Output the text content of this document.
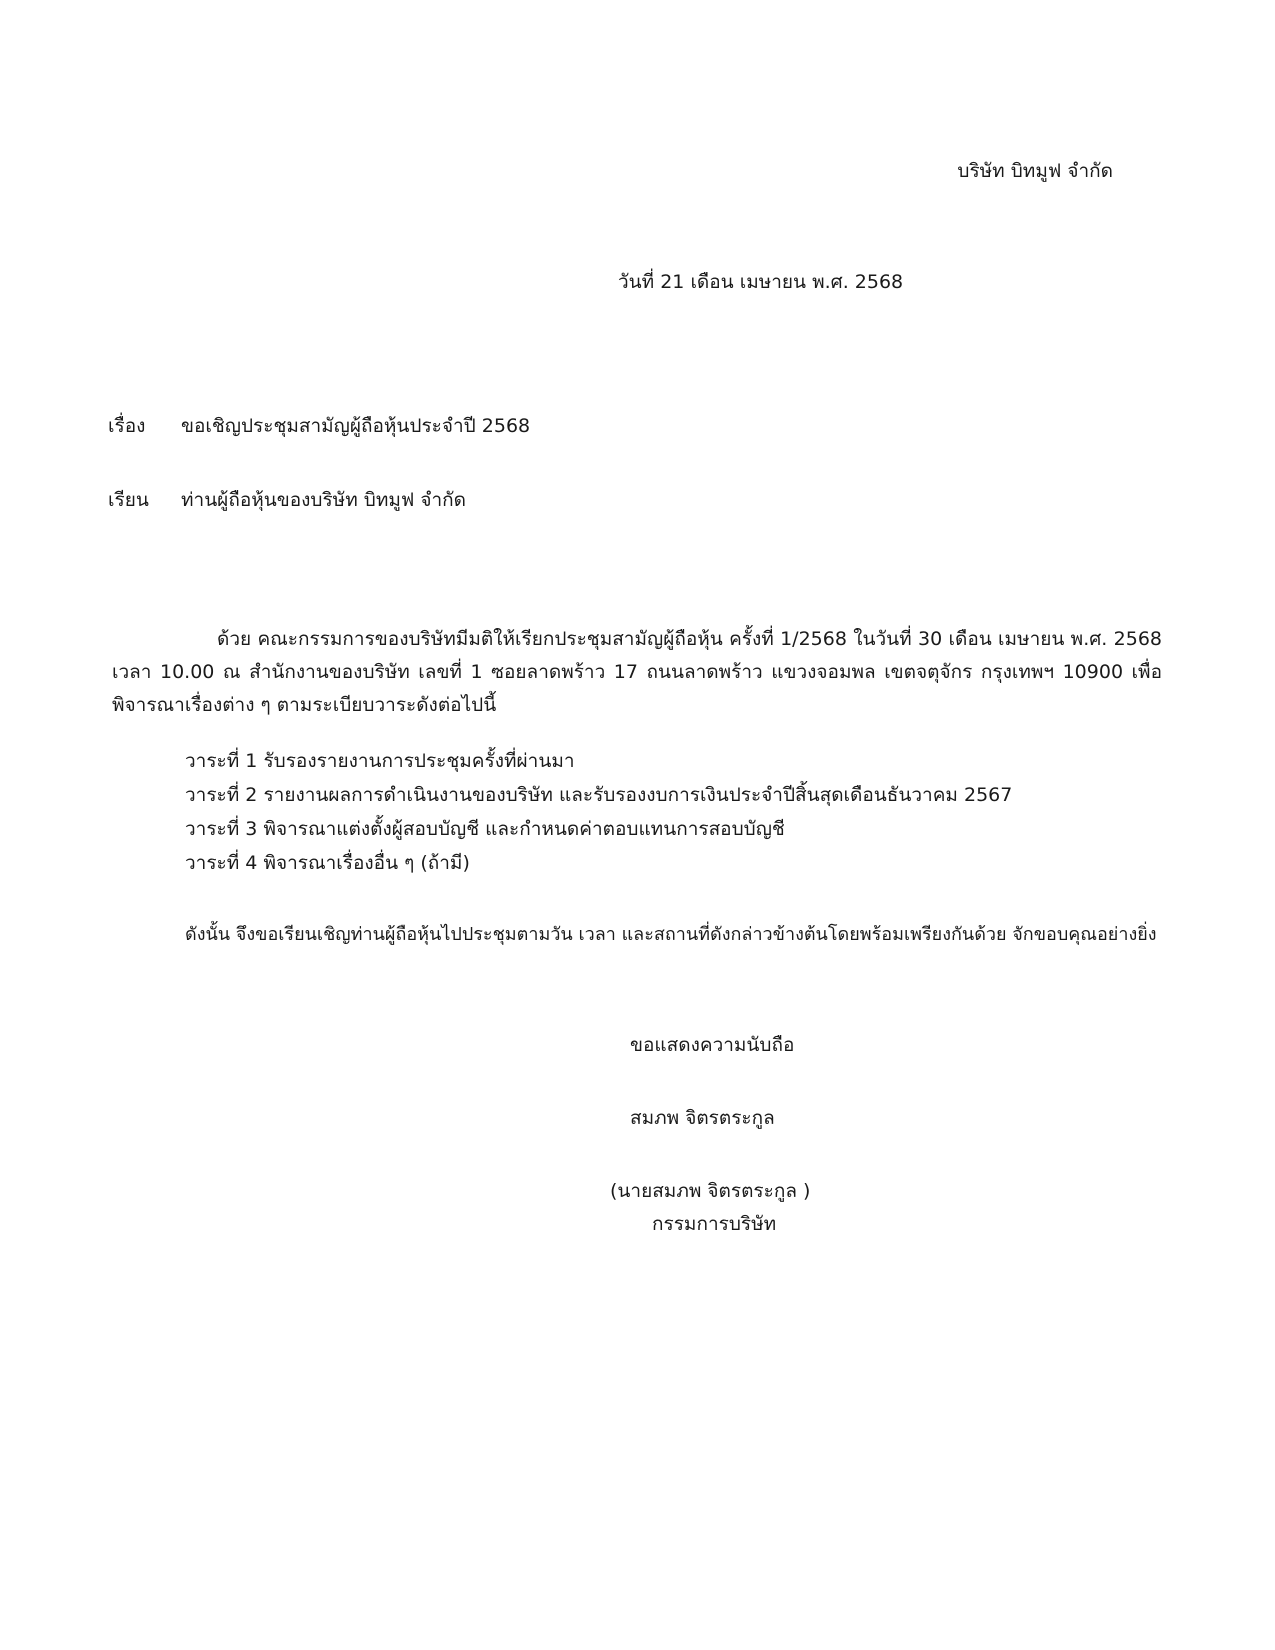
บริษัท บิทมูฟ จำกัด
วันที่ 21 เดือน เมษายน พ.ศ. 2568
เรื่อง ขอเชิญประชุมสามัญผู้ถือหุ้นประจำปี 2568
เรียน ท่านผู้ถือหุ้นของบริษัท บิทมูฟ จำกัด
ด้วย คณะกรรมการของบริษัทมีมติให้เรียกประชุมสามัญผู้ถือหุ้น ครั้งที่ 1/2568 ในวันที่ 30 เดือน เมษายน พ.ศ. 2568 เวลา 10.00 ณ สำนักงานของบริษัท เลขที่ 1 ซอยลาดพร้าว 17 ถนนลาดพร้าว แขวงจอมพล เขตจตุจักร กรุงเทพฯ 10900 เพื่อพิจารณาเรื่องต่าง ๆ ตามระเบียบวาระดังต่อไปนี้
วาระที่ 1 รับรองรายงานการประชุมครั้งที่ผ่านมา
วาระที่ 2 รายงานผลการดำเนินงานของบริษัท และรับรองงบการเงินประจำปีสิ้นสุดเดือนธันวาคม 2567
วาระที่ 3 พิจารณาแต่งตั้งผู้สอบบัญชี และกำหนดค่าตอบแทนการสอบบัญชี
วาระที่ 4 พิจารณาเรื่องอื่น ๆ (ถ้ามี)
ดังนั้น จึงขอเรียนเชิญท่านผู้ถือหุ้นไปประชุมตามวัน เวลา และสถานที่ดังกล่าวข้างต้นโดยพร้อมเพรียงกันด้วย จักขอบคุณอย่างยิ่ง
ขอแสดงความนับถือ
สมภพ จิตรตระกูล
(นายสมภพ จิตรตระกูล )
กรรมการบริษัท
